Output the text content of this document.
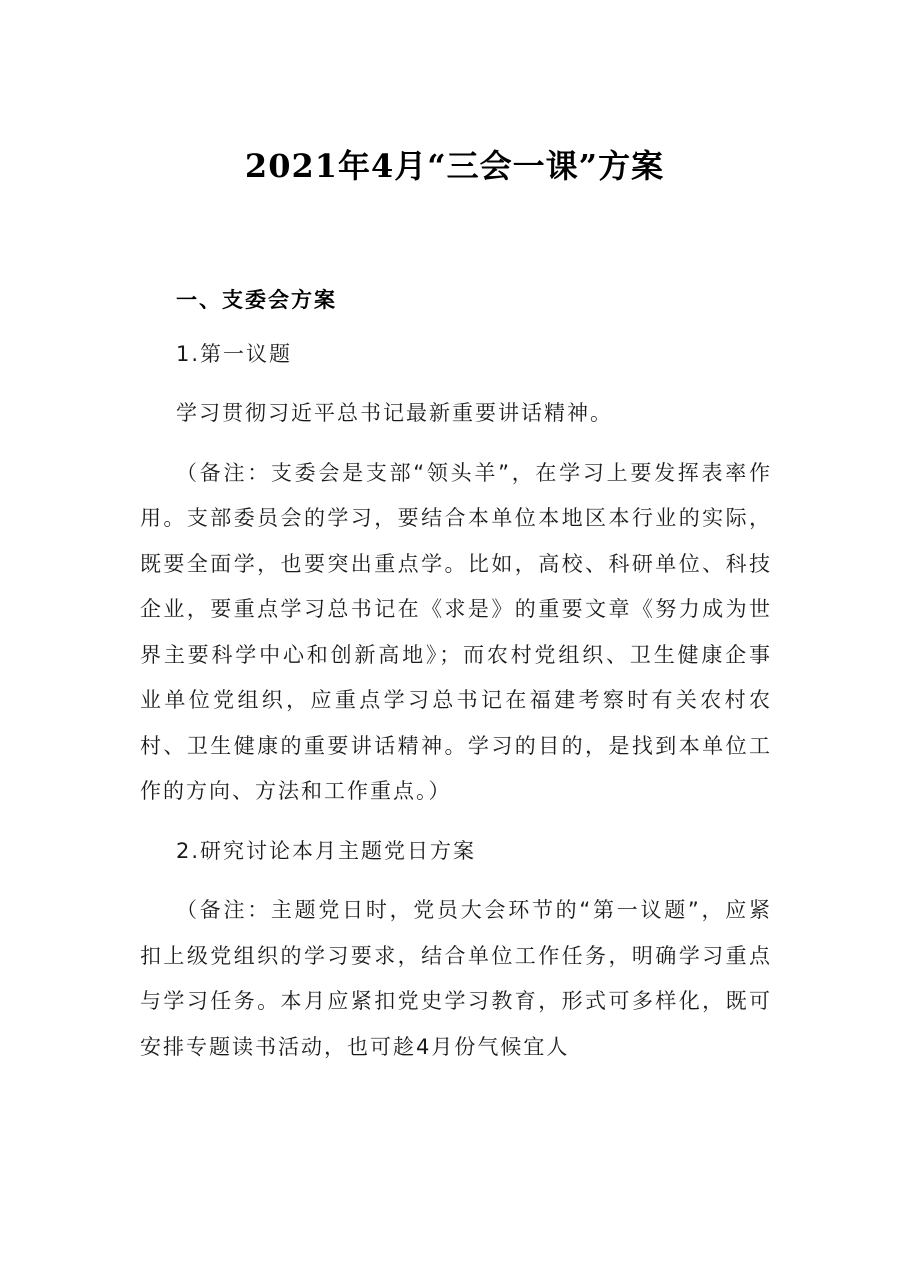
2021年4月“三会一课”方案

一、支委会方案

1.第一议题

学习贯彻习近平总书记最新重要讲话精神。

（备注：支委会是支部“领头羊”，在学习上要发挥表率作用。支部委员会的学习，要结合本单位本地区本行业的实际，既要全面学，也要突出重点学。比如，高校、科研单位、科技企业，要重点学习总书记在《求是》的重要文章《努力成为世界主要科学中心和创新高地》；而农村党组织、卫生健康企事业单位党组织，应重点学习总书记在福建考察时有关农村农村、卫生健康的重要讲话精神。学习的目的，是找到本单位工作的方向、方法和工作重点。）

2.研究讨论本月主题党日方案

（备注：主题党日时，党员大会环节的“第一议题”，应紧扣上级党组织的学习要求，结合单位工作任务，明确学习重点与学习任务。本月应紧扣党史学习教育，形式可多样化，既可安排专题读书活动，也可趁4月份气候宜人
